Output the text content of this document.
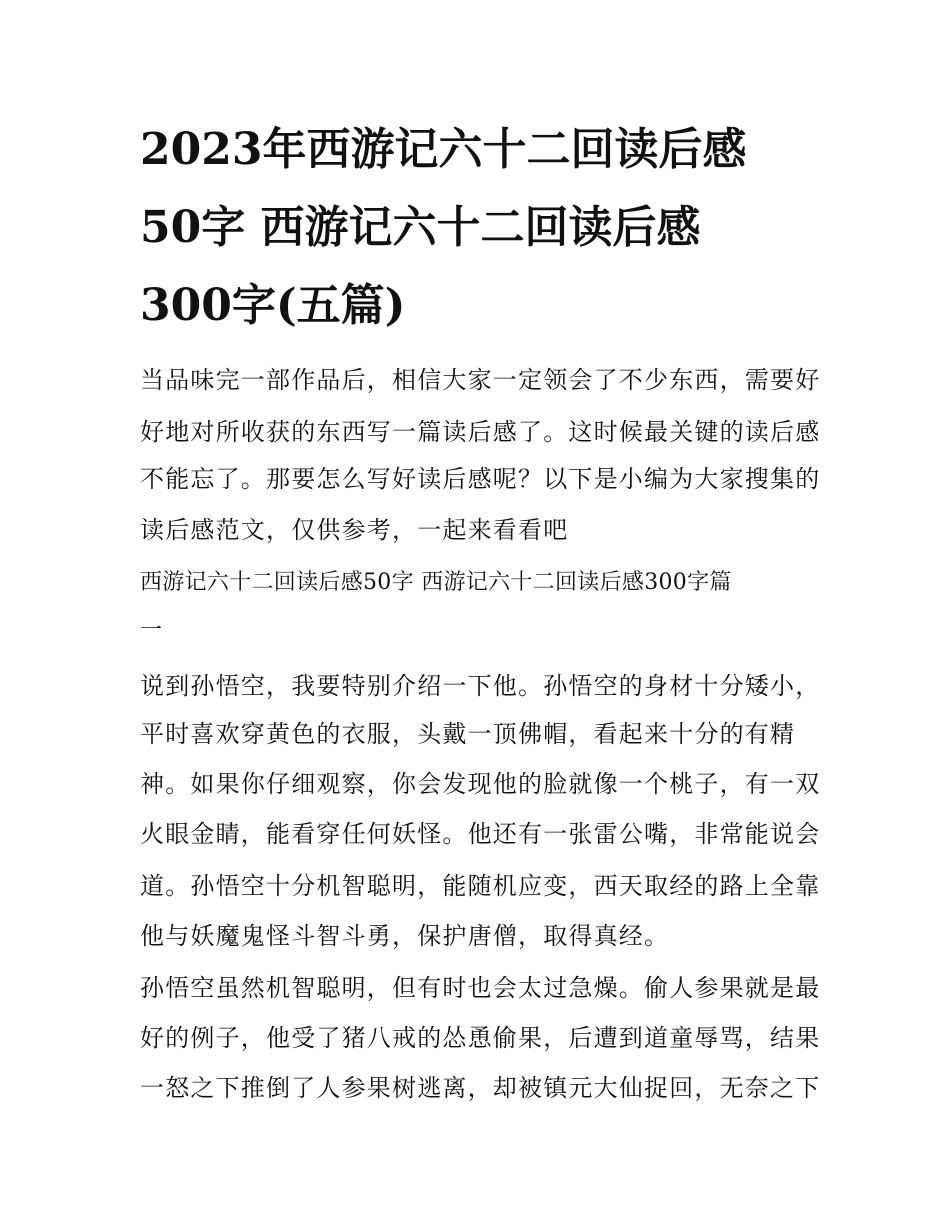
2023年西游记六十二回读后感
50字 西游记六十二回读后感
300字(五篇)
当品味完一部作品后，相信大家一定领会了不少东西，需要好
好地对所收获的东西写一篇读后感了。这时候最关键的读后感
不能忘了。那要怎么写好读后感呢？以下是小编为大家搜集的
读后感范文，仅供参考，一起来看看吧
西游记六十二回读后感50字 西游记六十二回读后感300字篇
一
说到孙悟空，我要特别介绍一下他。孙悟空的身材十分矮小，
平时喜欢穿黄色的衣服，头戴一顶佛帽，看起来十分的有精
神。如果你仔细观察，你会发现他的脸就像一个桃子，有一双
火眼金睛，能看穿任何妖怪。他还有一张雷公嘴，非常能说会
道。孙悟空十分机智聪明，能随机应变，西天取经的路上全靠
他与妖魔鬼怪斗智斗勇，保护唐僧，取得真经。
孙悟空虽然机智聪明，但有时也会太过急燥。偷人参果就是最
好的例子，他受了猪八戒的怂恿偷果，后遭到道童辱骂，结果
一怒之下推倒了人参果树逃离，却被镇元大仙捉回，无奈之下
